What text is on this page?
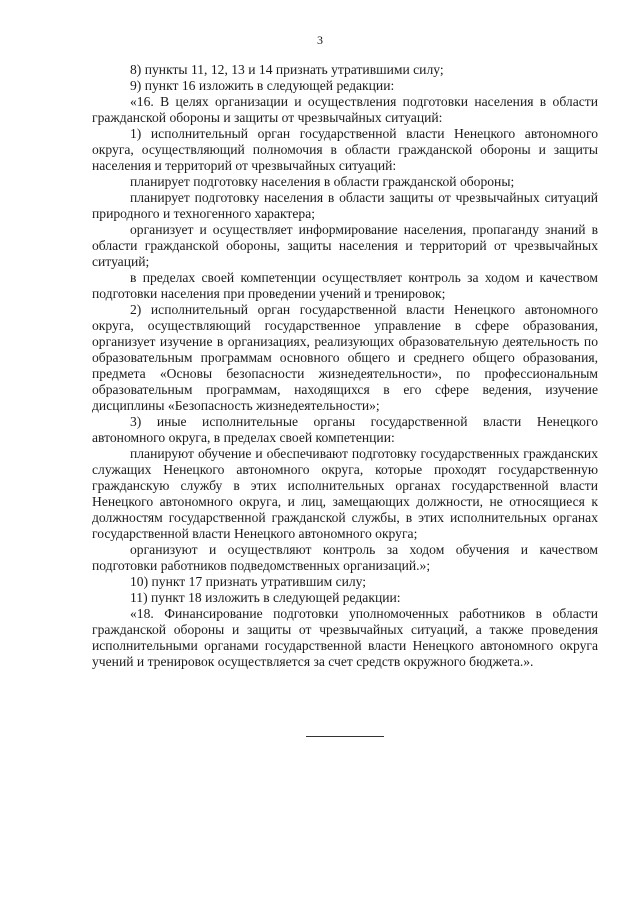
3

8) пункты 11, 12, 13 и 14 признать утратившими силу;

9) пункт 16 изложить в следующей редакции:

«16. В целях организации и осуществления подготовки населения в области гражданской обороны и защиты от чрезвычайных ситуаций:

1) исполнительный орган государственной власти Ненецкого автономного округа, осуществляющий полномочия в области гражданской обороны и защиты населения и территорий от чрезвычайных ситуаций:

планирует подготовку населения в области гражданской обороны;

планирует подготовку населения в области защиты от чрезвычайных ситуаций природного и техногенного характера;

организует и осуществляет информирование населения, пропаганду знаний в области гражданской обороны, защиты населения и территорий от чрезвычайных ситуаций;

в пределах своей компетенции осуществляет контроль за ходом и качеством подготовки населения при проведении учений и тренировок;

2) исполнительный орган государственной власти Ненецкого автономного округа, осуществляющий государственное управление в сфере образования, организует изучение в организациях, реализующих образовательную деятельность по образовательным программам основного общего и среднего общего образования, предмета «Основы безопасности жизнедеятельности», по профессиональным образовательным программам, находящихся в его сфере ведения, изучение дисциплины «Безопасность жизнедеятельности»;

3) иные исполнительные органы государственной власти Ненецкого автономного округа, в пределах своей компетенции:

планируют обучение и обеспечивают подготовку государственных гражданских служащих Ненецкого автономного округа, которые проходят государственную гражданскую службу в этих исполнительных органах государственной власти Ненецкого автономного округа, и лиц, замещающих должности, не относящиеся к должностям государственной гражданской службы, в этих исполнительных органах государственной власти Ненецкого автономного округа;

организуют и осуществляют контроль за ходом обучения и качеством подготовки работников подведомственных организаций.»;

10) пункт 17 признать утратившим силу;

11) пункт 18 изложить в следующей редакции:

«18. Финансирование подготовки уполномоченных работников в области гражданской обороны и защиты от чрезвычайных ситуаций, а также проведения исполнительными органами государственной власти Ненецкого автономного округа учений и тренировок осуществляется за счет средств окружного бюджета.».
